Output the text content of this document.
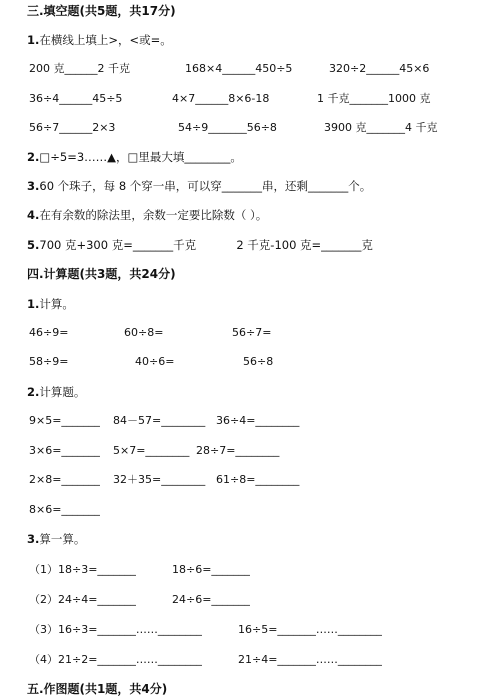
三.填空题(共5题，共17分)
1.在横线上填上>，<或=。
200 克______2 千克	168×4______450÷5	320÷2______45×6
36÷4______45÷5	4×7______8×6-18	1 千克_______1000 克
56÷7______2×3	54÷9_______56÷8	3900 克_______4 千克
2.□÷5=3……▲，□里最大填________。
3.60 个珠子，每 8 个穿一串，可以穿_______串，还剩_______个。
4.在有余数的除法里，余数一定要比除数（ ）。
5.700 克+300 克=_______千克           2 千克-100 克=_______克
四.计算题(共3题，共24分)
1.计算。
46÷9=	60÷8=	56÷7=
58÷9=	40÷6=	56÷8
2.计算题。
9×5=_______ 84－57=________ 36÷4=________
3×6=_______ 5×7=________ 28÷7=________
2×8=_______ 32＋35=________ 61÷8=________
8×6=_______
3.算一算。
（1）18÷3=_______	18÷6=_______
（2）24÷4=_______	24÷6=_______
（3）16÷3=_______……________	16÷5=_______……________
（4）21÷2=_______……________	21÷4=_______……________
五.作图题(共1题，共4分)
